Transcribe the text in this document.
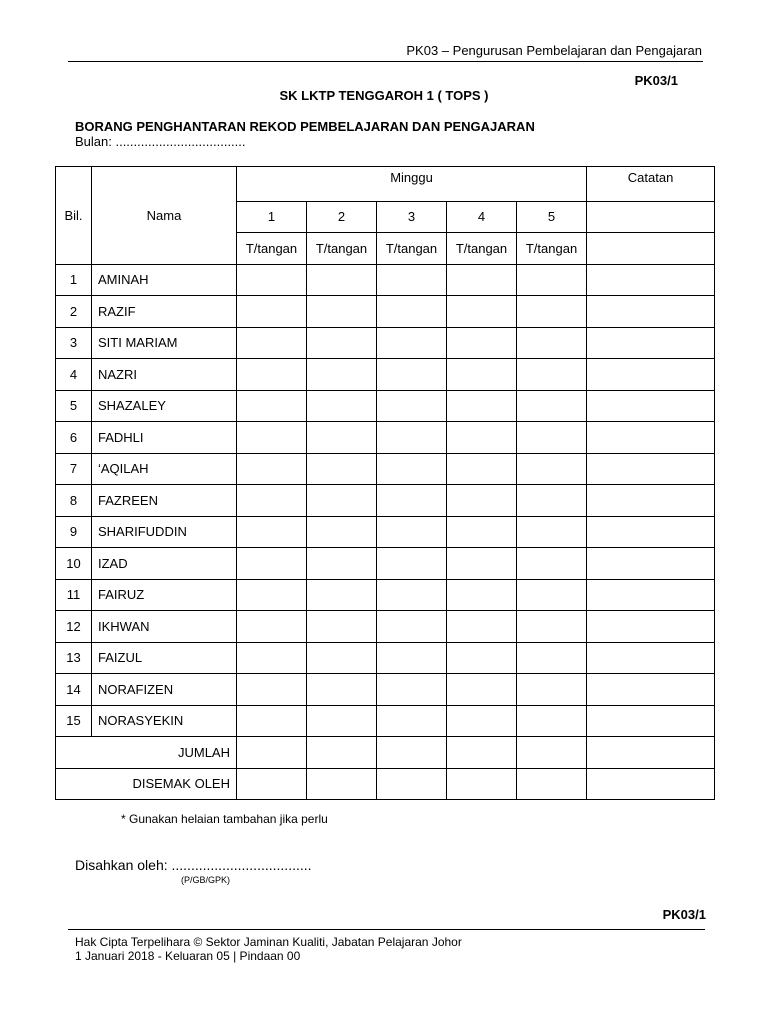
PK03 – Pengurusan Pembelajaran dan Pengajaran
PK03/1
SK LKTP TENGGAROH 1 ( TOPS )
BORANG PENGHANTARAN REKOD PEMBELAJARAN DAN PENGAJARAN
Bulan: ....................................
Bil.	Nama	Minggu					Catatan
		1	2	3	4	5	
		T/tangan	T/tangan	T/tangan	T/tangan	T/tangan	
1	AMINAH						
2	RAZIF						
3	SITI MARIAM						
4	NAZRI						
5	SHAZALEY						
6	FADHLI						
7	‘AQILAH						
8	FAZREEN						
9	SHARIFUDDIN						
10	IZAD						
11	FAIRUZ						
12	IKHWAN						
13	FAIZUL						
14	NORAFIZEN						
15	NORASYEKIN						
JUMLAH							
DISEMAK OLEH							
* Gunakan helaian tambahan jika perlu
Disahkan oleh: ....................................
(P/GB/GPK)
PK03/1
Hak Cipta Terpelihara © Sektor Jaminan Kualiti, Jabatan Pelajaran Johor
1 Januari 2018 - Keluaran 05 | Pindaan 00
